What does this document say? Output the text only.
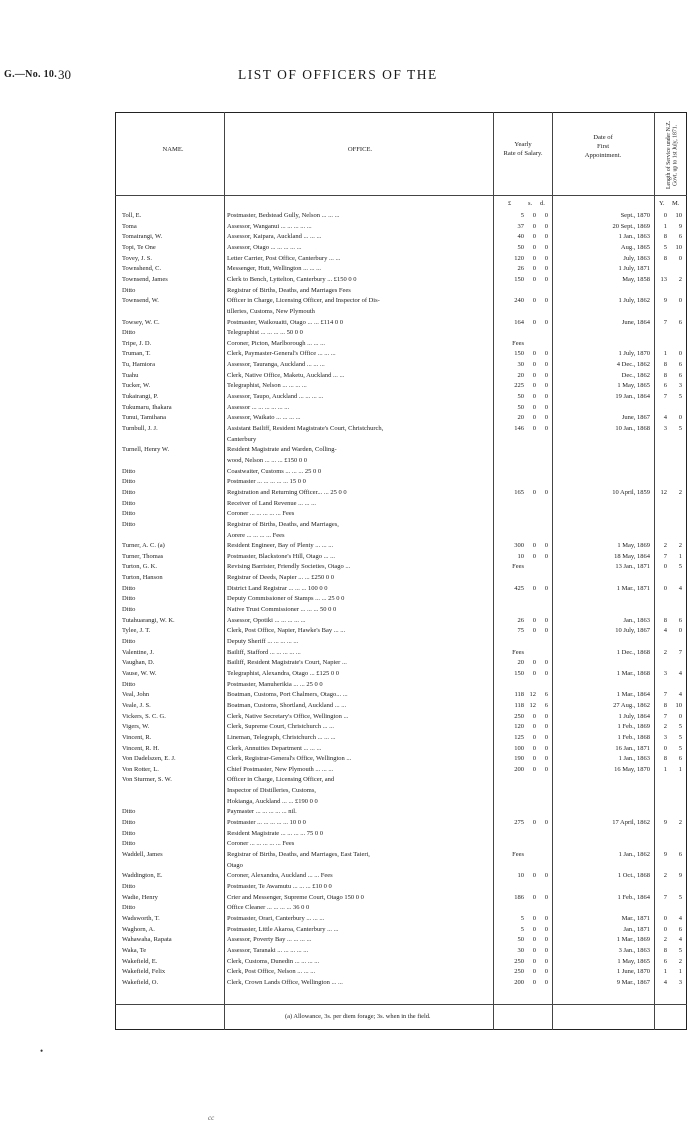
G.—No. 10. 30	LIST OF OFFICERS OF THE
NAME.	OFFICE.
Yearly
Rate of Salary.
Date of
First
Appointment.	Length of Service under N.Z. Govt. up to 1st July, 1871.
£	s. d.	Y. M.
Toll, E.	Postmaster, Bedstead Gully, Nelson ... ... ...	5	0	0	Sept., 1870	0	10
Toma	Assessor, Wanganui ... ... ... ... ...	37	0	0	20 Sept., 1869	1	9
Tomairangi, W.	Assessor, Kaipara, Auckland ... ... ...	40	0	0	1 Jan., 1863	8	6
Topi, Te One	Assessor, Otago ... ... ... ... ...	50	0	0	Aug., 1865	5	10
Tovey, J. S.	Letter Carrier, Post Office, Canterbury ... ...	120	0	0	July, 1863	8	0
Townshend, C.	Messenger, Hutt, Wellington ... ... ...	26	0	0	1 July, 1871
Townsend, James	Clerk to Bench, Lyttelton, Canterbury ... £150 0 0	150	0	0	May, 1858	13	2
Ditto	Registrar of Births, Deaths, and Marriages Fees
Townsend, W.	Officer in Charge, Licensing Officer, and Inspector of Dis-	240	0	0	1 July, 1862	9	0
tilleries, Customs, New Plymouth
Towsey, W. C.	Postmaster, Waikouaiti, Otago ... ... £114 0 0	164	0	0	June, 1864	7	6
Ditto	Telegraphist ... ... ... ... 50 0 0
Tripe, J. D.	Coroner, Picton, Marlborough ... ... ...	Fees
Truman, T.	Clerk, Paymaster-General's Office ... ... ...	150	0	0	1 July, 1870	1	0
Tu, Hamiora	Assessor, Tauranga, Auckland ... ... ...	30	0	0	4 Dec., 1862	8	6
Tuahu	Clerk, Native Office, Maketu, Auckland ... ...	20	0	0	Dec., 1862	8	6
Tucker, W.	Telegraphist, Nelson ... ... ... ...	225	0	0	1 May, 1865	6	3
Tukairangi, P.	Assessor, Taupo, Auckland ... ... ... ...	50	0	0	19 Jan., 1864	7	5
Tukumaru, Ihakara	Assessor ... ... ... ... ... ...	50	0	0
Tunui, Tamihana	Assessor, Waikato ... ... ... ...	20	0	0	June, 1867	4	0
Turnbull, J. J.	Assistant Bailiff, Resident Magistrate's Court, Christchurch,	146	0	0	10 Jan., 1868	3	5
Canterbury
Turnell, Henry W.	Resident Magistrate and Warden, Colling-
wood, Nelson ... ... ... £150 0 0
Ditto	Coastwaiter, Customs ... ... ... 25 0 0
Ditto	Postmaster ... ... ... ... ... 15 0 0
Ditto	Registration and Returning Officer... ... 25 0 0	165	0	0	10 April, 1859	12	2
Ditto	Receiver of Land Revenue ... ... ...
Ditto	Coroner ... ... ... ... ... Fees
Ditto	Registrar of Births, Deaths, and Marriages,
Aorere ... ... ... ... Fees
Turner, A. C. (a)	Resident Engineer, Bay of Plenty ... ... ...	300	0	0	1 May, 1869	2	2
Turner, Thomas	Postmaster, Blackstone's Hill, Otago ... ...	10	0	0	18 May, 1864	7	1
Turton, G. K.	Revising Barrister, Friendly Societies, Otago ...	Fees	13 Jan., 1871	0	5
Turton, Hanson	Registrar of Deeds, Napier ... ... £250 0 0
Ditto	District Land Registrar ... ... ... 100 0 0	425	0	0	1 Mar., 1871	0	4
Ditto	Deputy Commissioner of Stamps ... ... 25 0 0
Ditto	Native Trust Commissioner ... ... ... 50 0 0
Tutahuarangi, W. K.	Assessor, Opotiki ... ... ... ... ...	26	0	0	Jan., 1863	8	6
Tylee, J. T.	Clerk, Post Office, Napier, Hawke's Bay ... ...	75	0	0	10 July, 1867	4	0
Ditto	Deputy Sheriff ... ... ... ... ...
Valentine, J.	Bailiff, Stafford ... ... ... ... ...	Fees	1 Dec., 1868	2	7
Vaughan, D.	Bailiff, Resident Magistrate's Court, Napier ...	20	0	0
Vause, W. W.	Telegraphist, Alexandra, Otago ... £125 0 0	150	0	0	1 Mar., 1868	3	4
Ditto	Postmaster, Manuherikia ... ... 25 0 0
Veal, John	Boatman, Customs, Port Chalmers, Otago... ...	118 12	6	1 Mar., 1864	7	4
Veale, J. S.	Boatman, Customs, Shortland, Auckland ... ...	118 12	6	27 Aug., 1862	8	10
Vickers, S. C. G.	Clerk, Native Secretary's Office, Wellington ...	250	0	0	1 July, 1864	7	0
Vigers, W.	Clerk, Supreme Court, Christchurch ... ...	120	0	0	1 Feb., 1869	2	5
Vincent, R.	Lineman, Telegraph, Christchurch ... ... ...	125	0	0	1 Feb., 1868	3	5
Vincent, R. H.	Clerk, Annuities Department ... ... ...	100	0	0	16 Jan., 1871	0	5
Von Dadelszen, E. J.	Clerk, Registrar-General's Office, Wellington ...	190	0	0	1 Jan., 1863	8	6
Von Rotter, L.	Chief Postmaster, New Plymouth ... ... ...	200	0	0	16 May, 1870	1	1
Von Sturmer, S. W.	Officer in Charge, Licensing Officer, and
Inspector of Distilleries, Customs,
Hokianga, Auckland ... ... £190 0 0
Ditto	Paymaster ... ... ... ... ... nil.
Ditto	Postmaster ... ... ... ... ... 10 0 0	275	0	0	17 April, 1862	9	2
Ditto	Resident Magistrate ... ... ... ... 75 0 0
Ditto	Coroner ... ... ... ... ... Fees
Waddell, James	Registrar of Births, Deaths, and Marriages, East Taieri,	Fees	1 Jan., 1862	9	6
Otago
Waddington, E.	Coroner, Alexandra, Auckland ... ... Fees	10	0	0	1 Oct., 1868	2	9
Ditto	Postmaster, Te Awamutu ... ... ... £10 0 0
Wadie, Henry	Crier and Messenger, Supreme Court, Otago 150 0 0	186	0	0	1 Feb., 1864	7	5
Ditto	Office Cleaner ... ... ... ... 36 0 0
Wadsworth, T.	Postmaster, Orari, Canterbury ... ... ...	5	0	0	Mar., 1871	0	4
Waghorn, A.	Postmaster, Little Akaroa, Canterbury ... ...	5	0	0	Jan., 1871	0	6
Wahawaha, Rapata	Assessor, Poverty Bay ... ... ... ...	50	0	0	1 Mar., 1869	2	4
Waka, Te	Assessor, Taranaki ... ... ... ... ...	30	0	0	3 Jan., 1863	8	5
Wakefield, E.	Clerk, Customs, Dunedin ... ... ... ...	250	0	0	1 May, 1865	6	2
Wakefield, Felix	Clerk, Post Office, Nelson ... ... ...	250	0	0	1 June, 1870	1	1
Wakefield, O.	Clerk, Crown Lands Office, Wellington ... ...	200	0	0	9 Mar., 1867	4	3
(a) Allowance, 3s. per diem forage; 3s. when in the field.
cc
•
